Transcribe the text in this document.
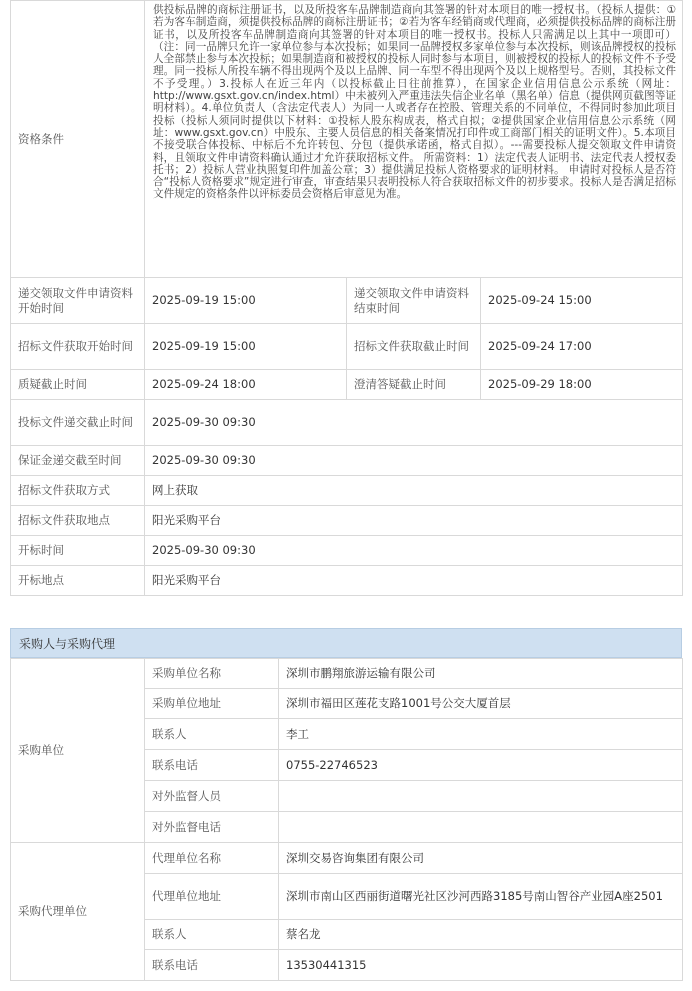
资格条件	供投标品牌的商标注册证书，以及所投客车品牌制造商向其签署的针对本项目的唯一授权书。（投标人提供：①若为客车制造商，须提供投标品牌的商标注册证书；②若为客车经销商或代理商，必须提供投标品牌的商标注册证书，以及所投客车品牌制造商向其签署的针对本项目的唯一授权书。投标人只需满足以上其中一项即可）（注：同一品牌只允许一家单位参与本次投标；如果同一品牌授权多家单位参与本次投标，则该品牌授权的投标人全部禁止参与本次投标；如果制造商和被授权的投标人同时参与本项目，则被授权的投标人的投标文件不予受理。同一投标人所投车辆不得出现两个及以上品牌、同一车型不得出现两个及以上规格型号。否则，其投标文件不予受理。）3.投标人在近三年内（以投标截止日往前推算），在国家企业信用信息公示系统（网址：http://www.gsxt.gov.cn/index.html）中未被列入严重违法失信企业名单（黑名单）信息（提供网页截图等证明材料）。4.单位负责人（含法定代表人）为同一人或者存在控股、管理关系的不同单位，不得同时参加此项目投标（投标人须同时提供以下材料：①投标人股东构成表，格式自拟；②提供国家企业信用信息公示系统（网址：www.gsxt.gov.cn）中股东、主要人员信息的相关备案情况打印件或工商部门相关的证明文件）。5.本项目不接受联合体投标、中标后不允许转包、分包（提供承诺函，格式自拟）。---需要投标人提交领取文件申请资料，且领取文件申请资料确认通过才允许获取招标文件。 所需资料：1）法定代表人证明书、法定代表人授权委托书；2）投标人营业执照复印件加盖公章；3）提供满足投标人资格要求的证明材料。 申请时对投标人是否符合“投标人资格要求”规定进行审查，审查结果只表明投标人符合获取招标文件的初步要求。投标人是否满足招标文件规定的资格条件以评标委员会资格后审意见为准。		
递交领取文件申请资料开始时间	2025-09-19 15:00	递交领取文件申请资料结束时间	2025-09-24 15:00
招标文件获取开始时间	2025-09-19 15:00	招标文件获取截止时间	2025-09-24 17:00
质疑截止时间	2025-09-24 18:00	澄清答疑截止时间	2025-09-29 18:00
投标文件递交截止时间	2025-09-30 09:30		
保证金递交截至时间	2025-09-30 09:30		
招标文件获取方式	网上获取		
招标文件获取地点	阳光采购平台		
开标时间	2025-09-30 09:30		
开标地点	阳光采购平台		
采购人与采购代理
采购单位	采购单位名称	深圳市鹏翔旅游运输有限公司
	采购单位地址	深圳市福田区莲花支路1001号公交大厦首层
	联系人	李工
	联系电话	0755-22746523
	对外监督人员	
	对外监督电话	
采购代理单位	代理单位名称	深圳交易咨询集团有限公司
	代理单位地址	深圳市南山区西丽街道曙光社区沙河西路3185号南山智谷产业园A座2501
	联系人	蔡名龙
	联系电话	13530441315
